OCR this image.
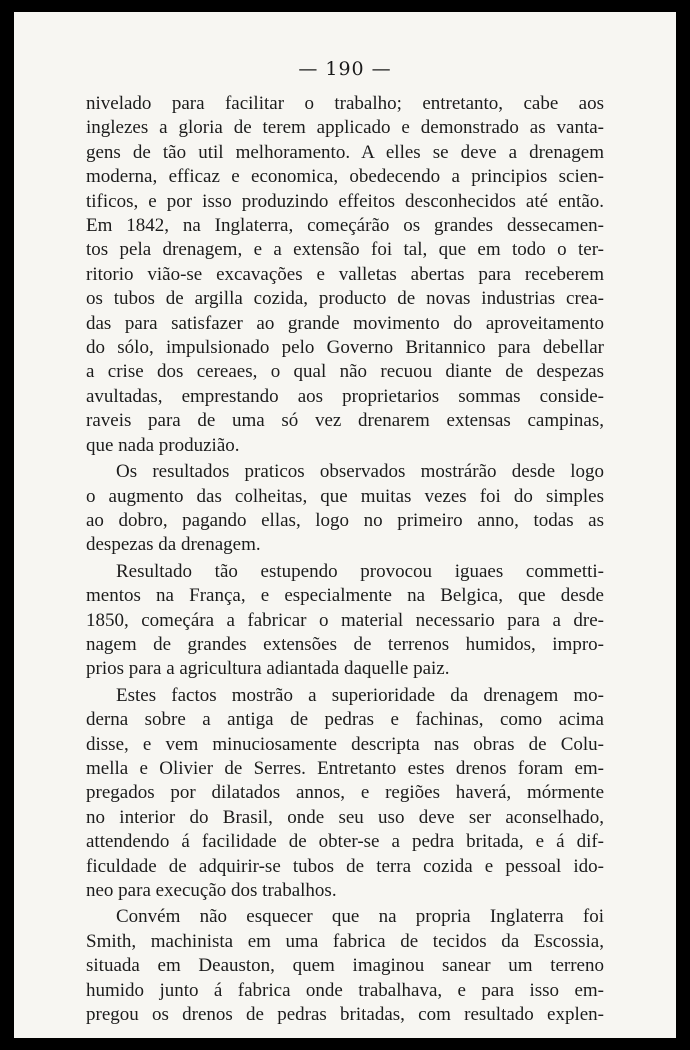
— 190 —
nivelado para facilitar o trabalho; entretanto, cabe aos
inglezes a gloria de terem applicado e demonstrado as vanta-
gens de tão util melhoramento. A elles se deve a drenagem
moderna, efficaz e economica, obedecendo a principios scien-
tificos, e por isso produzindo effeitos desconhecidos até então.
Em 1842, na Inglaterra, começárão os grandes dessecamen-
tos pela drenagem, e a extensão foi tal, que em todo o ter-
ritorio vião-se excavações e valletas abertas para receberem
os tubos de argilla cozida, producto de novas industrias crea-
das para satisfazer ao grande movimento do aproveitamento
do sólo, impulsionado pelo Governo Britannico para debellar
a crise dos cereaes, o qual não recuou diante de despezas
avultadas, emprestando aos proprietarios sommas conside-
raveis para de uma só vez drenarem extensas campinas,
que nada produzião.
Os resultados praticos observados mostrárão desde logo
o augmento das colheitas, que muitas vezes foi do simples
ao dobro, pagando ellas, logo no primeiro anno, todas as
despezas da drenagem.
Resultado tão estupendo provocou iguaes commetti-
mentos na França, e especialmente na Belgica, que desde
1850, começára a fabricar o material necessario para a dre-
nagem de grandes extensões de terrenos humidos, impro-
prios para a agricultura adiantada daquelle paiz.
Estes factos mostrão a superioridade da drenagem mo-
derna sobre a antiga de pedras e fachinas, como acima
disse, e vem minuciosamente descripta nas obras de Colu-
mella e Olivier de Serres. Entretanto estes drenos foram em-
pregados por dilatados annos, e regiões haverá, mórmente
no interior do Brasil, onde seu uso deve ser aconselhado,
attendendo á facilidade de obter-se a pedra britada, e á dif-
ficuldade de adquirir-se tubos de terra cozida e pessoal ido-
neo para execução dos trabalhos.
Convém não esquecer que na propria Inglaterra foi
Smith, machinista em uma fabrica de tecidos da Escossia,
situada em Deauston, quem imaginou sanear um terreno
humido junto á fabrica onde trabalhava, e para isso em-
pregou os drenos de pedras britadas, com resultado explen-
